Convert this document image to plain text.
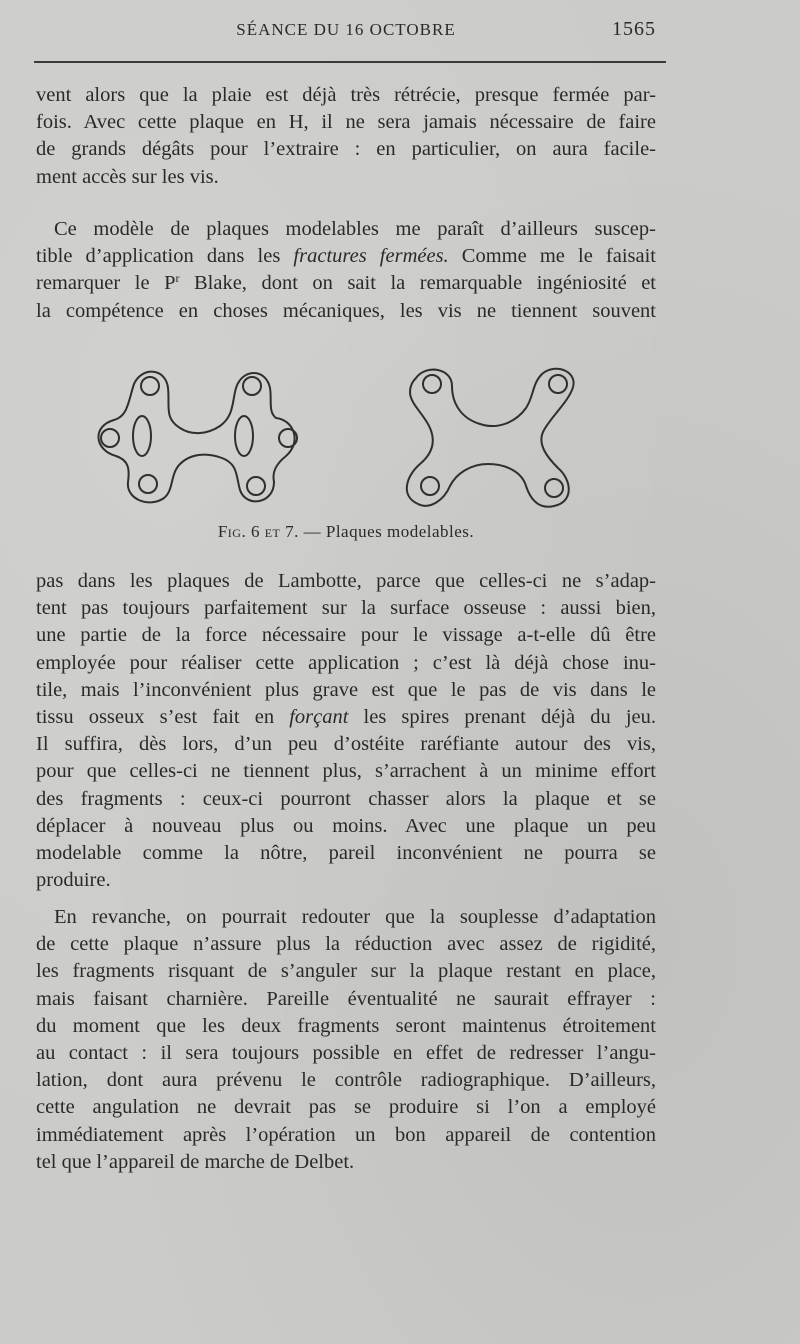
SÉANCE DU 16 OCTOBRE	1565
vent alors que la plaie est déjà très rétrécie, presque fermée par-
fois. Avec cette plaque en H, il ne sera jamais nécessaire de faire
de grands dégâts pour l’extraire : en particulier, on aura facile-
ment accès sur les vis.
Ce modèle de plaques modelables me paraît d’ailleurs suscep-
tible d’application dans les fractures fermées. Comme me le faisait
remarquer le $P^r$ Blake, dont on sait la remarquable ingéniosité et
la compétence en choses mécaniques, les vis ne tiennent souvent
Fig. 6 et 7. — Plaques modelables.
pas dans les plaques de Lambotte, parce que celles-ci ne s’adap-
tent pas toujours parfaitement sur la surface osseuse : aussi bien,
une partie de la force nécessaire pour le vissage a-t-elle dû être
employée pour réaliser cette application ; c’est là déjà chose inu-
tile, mais l’inconvénient plus grave est que le pas de vis dans le
tissu osseux s’est fait en forçant les spires prenant déjà du jeu.
Il suffira, dès lors, d’un peu d’ostéite raréfiante autour des vis,
pour que celles-ci ne tiennent plus, s’arrachent à un minime effort
des fragments : ceux-ci pourront chasser alors la plaque et se
déplacer à nouveau plus ou moins. Avec une plaque un peu
modelable comme la nôtre, pareil inconvénient ne pourra se
produire.
En revanche, on pourrait redouter que la souplesse d’adaptation
de cette plaque n’assure plus la réduction avec assez de rigidité,
les fragments risquant de s’anguler sur la plaque restant en place,
mais faisant charnière. Pareille éventualité ne saurait effrayer :
du moment que les deux fragments seront maintenus étroitement
au contact : il sera toujours possible en effet de redresser l’angu-
lation, dont aura prévenu le contrôle radiographique. D’ailleurs,
cette angulation ne devrait pas se produire si l’on a employé
immédiatement après l’opération un bon appareil de contention
tel que l’appareil de marche de Delbet.
